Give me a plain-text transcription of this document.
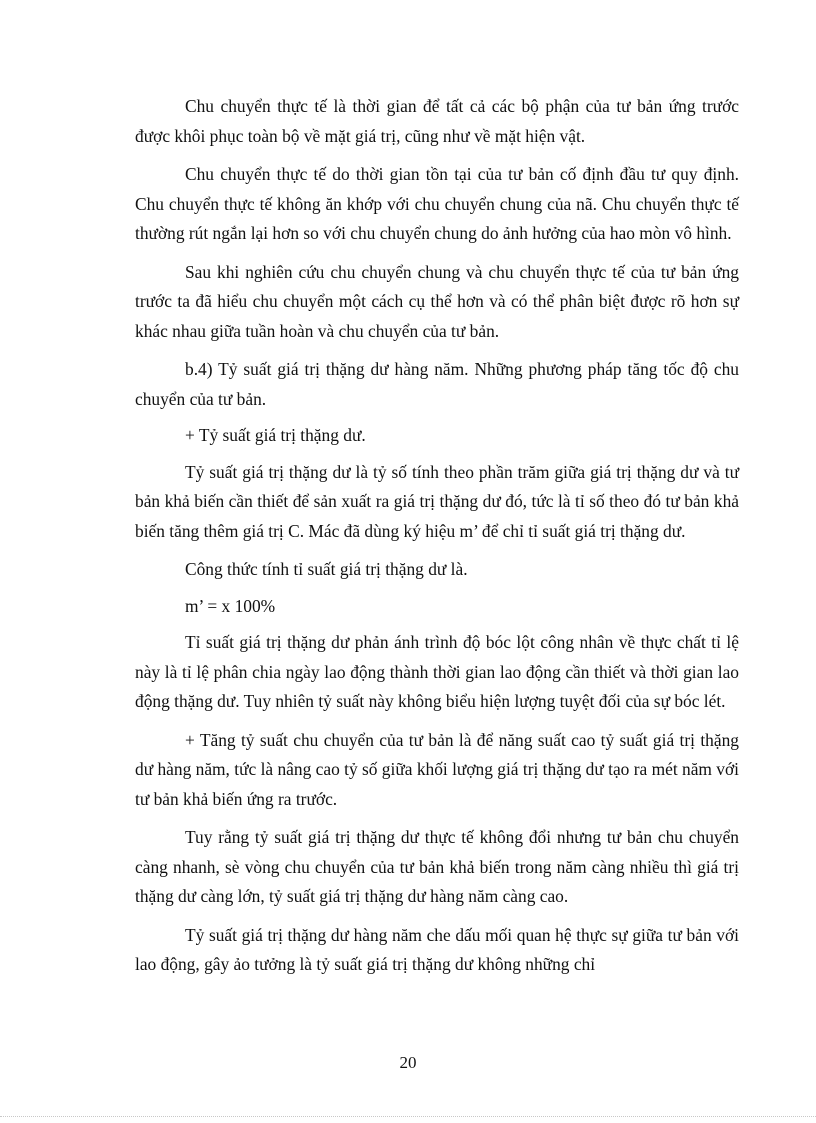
Chu chuyển thực tế là thời gian để tất cả các bộ phận của tư bản ứng trước được khôi phục toàn bộ về mặt giá trị, cũng như về mặt hiện vật.

Chu chuyển thực tế do thời gian tồn tại của tư bản cố định đầu tư quy định. Chu chuyển thực tế không ăn khớp với chu chuyển chung của nã. Chu chuyển thực tế thường rút ngắn lại hơn so với chu chuyển chung do ảnh hưởng của hao mòn vô hình.

Sau khi nghiên cứu chu chuyển chung và chu chuyển thực tế của tư bản ứng trước ta đã hiểu chu chuyển một cách cụ thể hơn và có thể phân biệt được rõ hơn sự khác nhau giữa tuần hoàn và chu chuyển của tư bản.

b.4) Tỷ suất giá trị thặng dư hàng năm. Những phương pháp tăng tốc độ chu chuyển của tư bản.

+ Tỷ suất giá trị thặng dư.

Tỷ suất giá trị thặng dư là tỷ số tính theo phần trăm giữa giá trị thặng dư và tư bản khả biến cần thiết để sản xuất ra giá trị thặng dư đó, tức là tỉ số theo đó tư bản khả biến tăng thêm giá trị C. Mác đã dùng ký hiệu m’ để chỉ tỉ suất giá trị thặng dư.

Công thức tính tỉ suất giá trị thặng dư là.

m’ = x 100%

Tỉ suất giá trị thặng dư phản ánh trình độ bóc lột công nhân về thực chất tỉ lệ này là tỉ lệ phân chia ngày lao động thành thời gian lao động cần thiết và thời gian lao động thặng dư. Tuy nhiên tỷ suất này không biểu hiện lượng tuyệt đối của sự bóc lét.

+ Tăng tỷ suất chu chuyển của tư bản là để năng suất cao tỷ suất giá trị thặng dư hàng năm, tức là nâng cao tỷ số giữa khối lượng giá trị thặng dư tạo ra mét năm với tư bản khả biến ứng ra trước.

Tuy rằng tỷ suất giá trị thặng dư thực tế không đổi nhưng tư bản chu chuyển càng nhanh, sè vòng chu chuyển của tư bản khả biến trong năm càng nhiều thì giá trị thặng dư càng lớn, tỷ suất giá trị thặng dư hàng năm càng cao.

Tỷ suất giá trị thặng dư hàng năm che dấu mối quan hệ thực sự giữa tư bản với lao động, gây ảo tưởng là tỷ suất giá trị thặng dư không những chỉ

20
